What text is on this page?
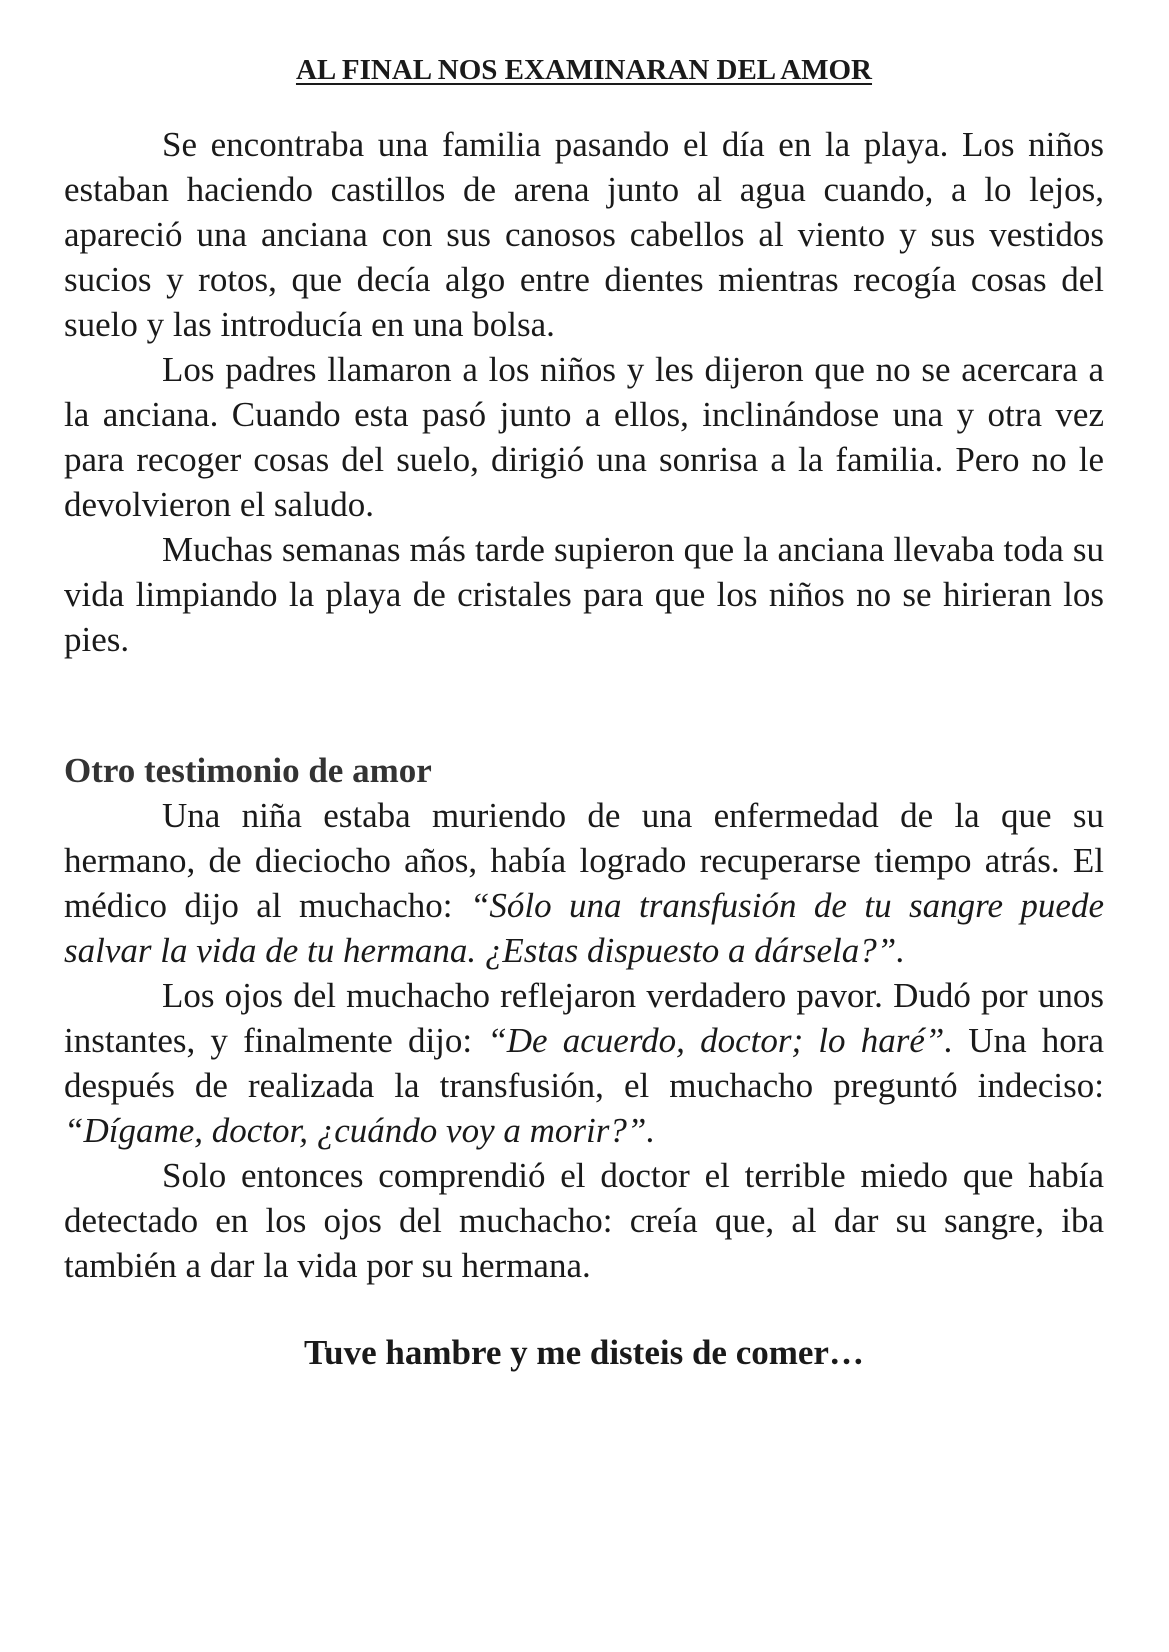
AL FINAL NOS EXAMINARAN DEL AMOR

Se encontraba una familia pasando el día en la playa. Los niños estaban haciendo castillos de arena junto al agua cuando, a lo lejos, apareció una anciana con sus canosos cabellos al viento y sus vestidos sucios y rotos, que decía algo entre dientes mientras recogía cosas del suelo y las introducía en una bolsa.

Los padres llamaron a los niños y les dijeron que no se acercara a la anciana. Cuando esta pasó junto a ellos, inclinándose una y otra vez para recoger cosas del suelo, dirigió una sonrisa a la familia. Pero no le devolvieron el saludo.

Muchas semanas más tarde supieron que la anciana llevaba toda su vida limpiando la playa de cristales para que los niños no se hirieran los pies.

Otro testimonio de amor

Una niña estaba muriendo de una enfermedad de la que su hermano, de dieciocho años, había logrado recuperarse tiempo atrás. El médico dijo al muchacho: “Sólo una transfusión de tu sangre puede salvar la vida de tu hermana. ¿Estas dispuesto a dársela?”.

Los ojos del muchacho reflejaron verdadero pavor. Dudó por unos instantes, y finalmente dijo: “De acuerdo, doctor; lo haré”. Una hora después de realizada la transfusión, el muchacho preguntó indeciso: “Dígame, doctor, ¿cuándo voy a morir?”.

Solo entonces comprendió el doctor el terrible miedo que había detectado en los ojos del muchacho: creía que, al dar su sangre, iba también a dar la vida por su hermana.

Tuve hambre y me disteis de comer…
